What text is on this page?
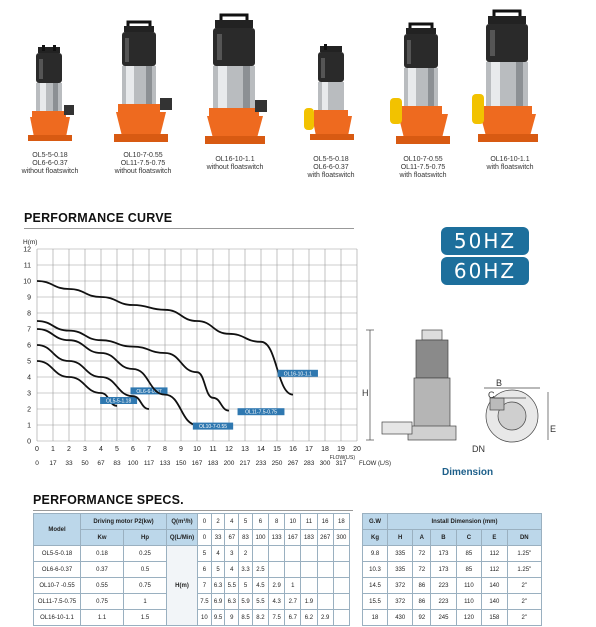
OL5-5-0.18
OL6-6-0.37
without floatswitch
OL10-7-0.55
OL11-7.5-0.75
without floatswitch
OL16-10-1.1
without floatswitch
OL5-5-0.18
OL6-6-0.37
with floatswitch
OL10-7-0.55
OL11-7.5-0.75
with floatswitch
OL16-10-1.1
with floatswitch
PERFORMANCE CURVE
0
1
2
3
4
5
6
7
8
9
10
11
12
H(m)
0 1 2 3 4 5 6 7 8 9 10 11 12 13 14 15 16 17 18 19 20
FLOW(L/S)
0 17 33 50 67 83 100 117 133 150 167 183 200 217 233 250 267 283 300 317 FLOW (L/S)
OL5-5-1.18
OL6-6-0.37
OL10-7-0.55
OL11-7.5-0.75
OL16-10-1.1
50HZ
60HZ
H
B
C
E
DN
Dimension
PERFORMANCE SPECS.
Model	Driving motor P2(kw)		Q(m³/h)	0	2	4	5	6	8	10	11	16	18
	Kw	Hp	Q(L/Min)	0	33	67	83	100	133	167	183	267	300
OL5-5-0.18	0.18	0.25	H(m)	5	4	3	2						
OL6-6-0.37	0.37	0.5		6	5	4	3.3	2.5					
OL10-7 -0.55	0.55	0.75		7	6.3	5.5	5	4.5	2.9	1			
OL11-7.5-0.75	0.75	1		7.5	6.9	6.3	5.9	5.5	4.3	2.7	1.9		
OL16-10-1.1	1.1	1.5		10	9.5	9	8.5	8.2	7.5	6.7	6.2	2.9	
G.W	Install Dimension (mm)					
Kg	H	A	B	C	E	DN
9.8	335	72	173	85	112	1.25"
10.3	335	72	173	85	112	1.25"
14.5	372	86	223	110	140	2"
15.5	372	86	223	110	140	2"
18	430	92	245	120	158	2"
